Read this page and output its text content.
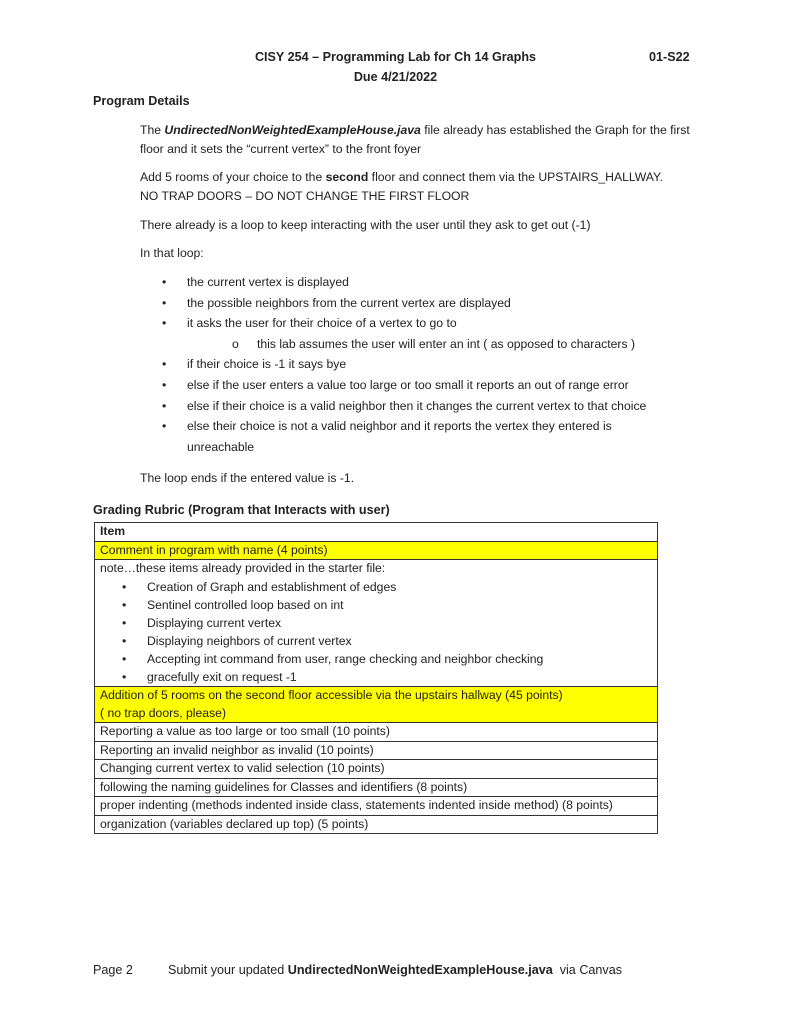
CISY 254 – Programming Lab for Ch 14 Graphs
Due 4/21/2022
01-S22
Program Details
The UndirectedNonWeightedExampleHouse.java file already has established the Graph for the first floor and it sets the “current vertex” to the front foyer
Add 5 rooms of your choice to the second floor and connect them via the UPSTAIRS_HALLWAY.
NO TRAP DOORS – DO NOT CHANGE THE FIRST FLOOR
There already is a loop to keep interacting with the user until they ask to get out (-1)
In that loop:
• the current vertex is displayed
• the possible neighbors from the current vertex are displayed
• it asks the user for their choice of a vertex to go to
o this lab assumes the user will enter an int ( as opposed to characters )
• if their choice is -1 it says bye
• else if the user enters a value too large or too small it reports an out of range error
• else if their choice is a valid neighbor then it changes the current vertex to that choice
• else their choice is not a valid neighbor and it reports the vertex they entered is unreachable
The loop ends if the entered value is -1.
Grading Rubric (Program that Interacts with user)
Item
Comment in program with name (4 points)

note…these items already provided in the starter file:
• Creation of Graph and establishment of edges
• Sentinel controlled loop based on int
• Displaying current vertex
• Displaying neighbors of current vertex
• Accepting int command from user, range checking and neighbor checking
• gracefully exit on request -1

Addition of 5 rooms on the second floor accessible via the upstairs hallway (45 points)
( no trap doors, please)

Reporting a value as too large or too small (10 points)
Reporting an invalid neighbor as invalid (10 points)
Changing current vertex to valid selection (10 points)
following the naming guidelines for Classes and identifiers (8 points)
proper indenting (methods indented inside class, statements indented inside method) (8 points)
organization (variables declared up top) (5 points)
Page 2	Submit your updated UndirectedNonWeightedExampleHouse.java  via Canvas
